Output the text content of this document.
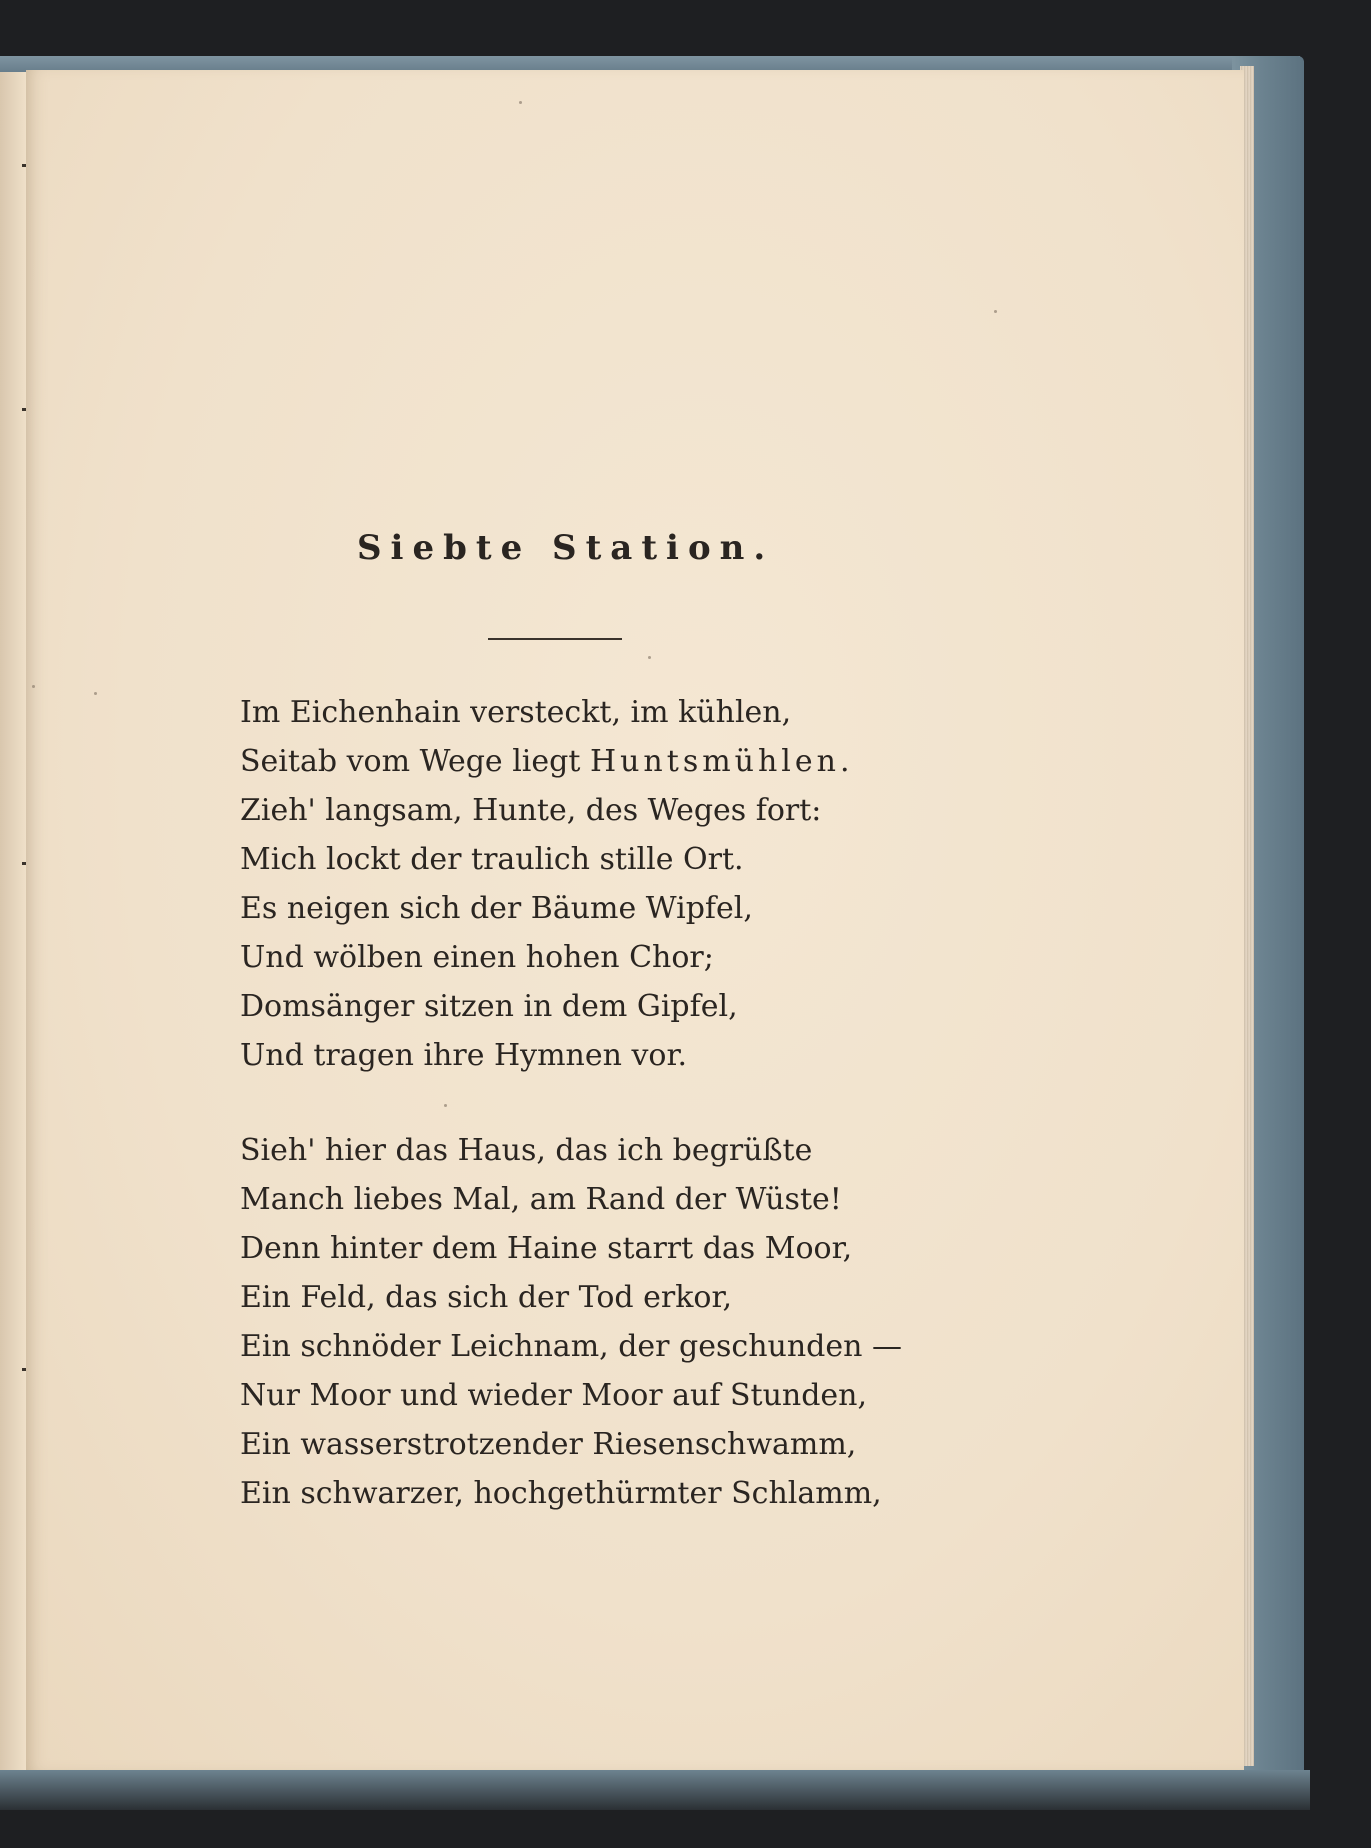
Siebte Station.
Im Eichenhain versteckt, im kühlen,
Seitab vom Wege liegt Huntsmühlen.
Zieh' langsam, Hunte, des Weges fort:
Mich lockt der traulich stille Ort.
Es neigen sich der Bäume Wipfel,
Und wölben einen hohen Chor;
Domsänger sitzen in dem Gipfel,
Und tragen ihre Hymnen vor.
Sieh' hier das Haus, das ich begrüßte
Manch liebes Mal, am Rand der Wüste!
Denn hinter dem Haine starrt das Moor,
Ein Feld, das sich der Tod erkor,
Ein schnöder Leichnam, der geschunden —
Nur Moor und wieder Moor auf Stunden,
Ein wasserstrotzender Riesenschwamm,
Ein schwarzer, hochgethürmter Schlamm,
